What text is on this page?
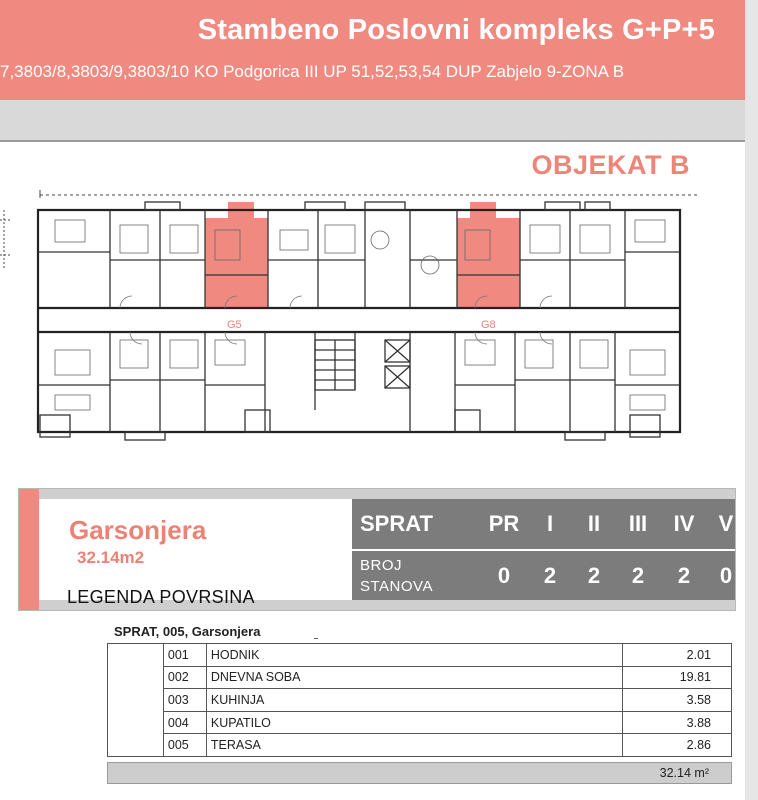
Stambeno Poslovni kompleks G+P+5
7,3803/8,3803/9,3803/10 KO Podgorica III UP 51,52,53,54 DUP Zabjelo 9-ZONA B
OBJEKAT B
G5	G8
Garsonjera
32.14m2
LEGENDA POVRSINA
SPRAT	PR	I	II	III	IV	V
BROJ
STANOVA	0	2	2	2	2	0
SPRAT, 005, Garsonjera
	001	HODNIK	2.01
	002	DNEVNA SOBA	19.81
	003	KUHINJA	3.58
	004	KUPATILO	3.88
	005	TERASA	2.86
32.14 m²
